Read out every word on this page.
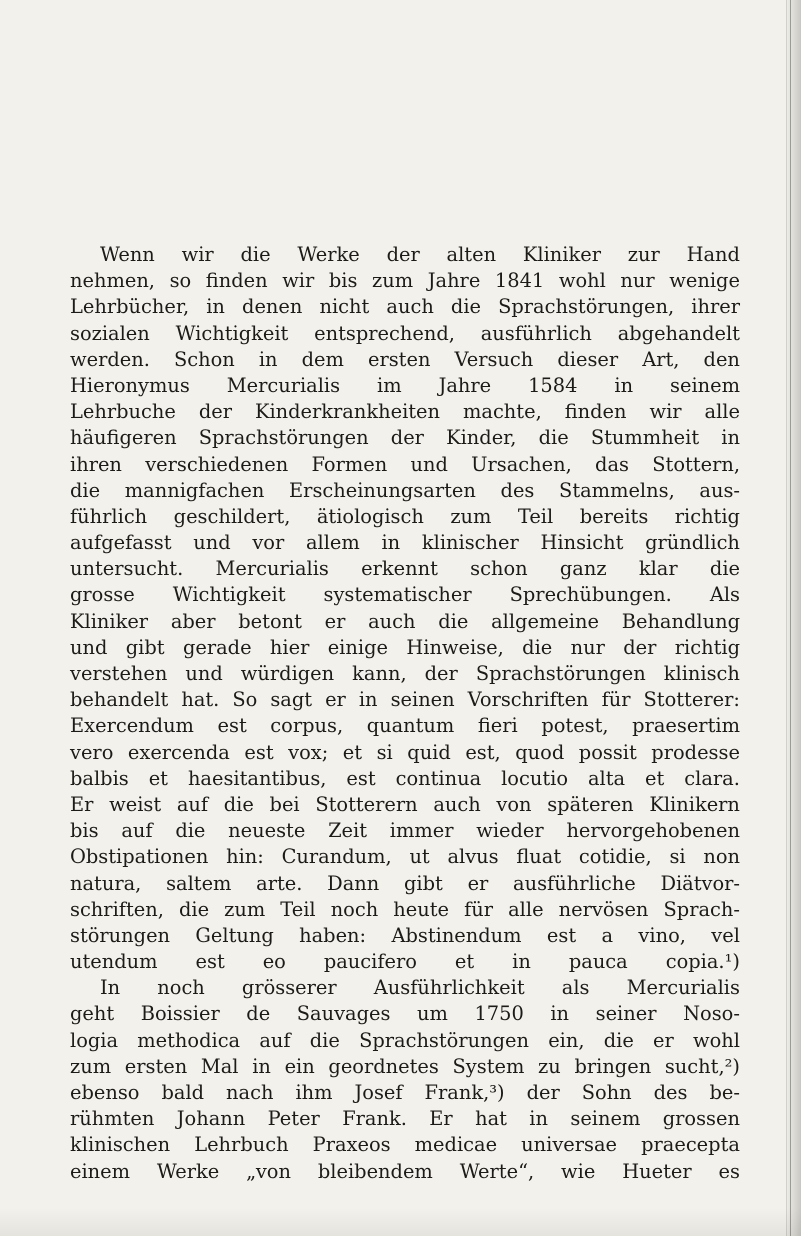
Wenn wir die Werke der alten Kliniker zur Hand
nehmen, so finden wir bis zum Jahre 1841 wohl nur wenige
Lehrbücher, in denen nicht auch die Sprachstörungen, ihrer
sozialen Wichtigkeit entsprechend, ausführlich abgehandelt
werden. Schon in dem ersten Versuch dieser Art, den
Hieronymus Mercurialis im Jahre 1584 in seinem
Lehrbuche der Kinderkrankheiten machte, finden wir alle
häufigeren Sprachstörungen der Kinder, die Stummheit in
ihren verschiedenen Formen und Ursachen, das Stottern,
die mannigfachen Erscheinungsarten des Stammelns, aus-
führlich geschildert, ätiologisch zum Teil bereits richtig
aufgefasst und vor allem in klinischer Hinsicht gründlich
untersucht. Mercurialis erkennt schon ganz klar die
grosse Wichtigkeit systematischer Sprechübungen. Als
Kliniker aber betont er auch die allgemeine Behandlung
und gibt gerade hier einige Hinweise, die nur der richtig
verstehen und würdigen kann, der Sprachstörungen klinisch
behandelt hat. So sagt er in seinen Vorschriften für Stotterer:
Exercendum est corpus, quantum fieri potest, praesertim
vero exercenda est vox; et si quid est, quod possit prodesse
balbis et haesitantibus, est continua locutio alta et clara.
Er weist auf die bei Stotterern auch von späteren Klinikern
bis auf die neueste Zeit immer wieder hervorgehobenen
Obstipationen hin: Curandum, ut alvus fluat cotidie, si non
natura, saltem arte. Dann gibt er ausführliche Diätvor-
schriften, die zum Teil noch heute für alle nervösen Sprach-
störungen Geltung haben: Abstinendum est a vino, vel
utendum est eo paucifero et in pauca copia.¹)
In noch grösserer Ausführlichkeit als Mercurialis
geht Boissier de Sauvages um 1750 in seiner Noso-
logia methodica auf die Sprachstörungen ein, die er wohl
zum ersten Mal in ein geordnetes System zu bringen sucht,²)
ebenso bald nach ihm Josef Frank,³) der Sohn des be-
rühmten Johann Peter Frank. Er hat in seinem grossen
klinischen Lehrbuch Praxeos medicae universae praecepta
einem Werke „von bleibendem Werte“, wie Hueter es
